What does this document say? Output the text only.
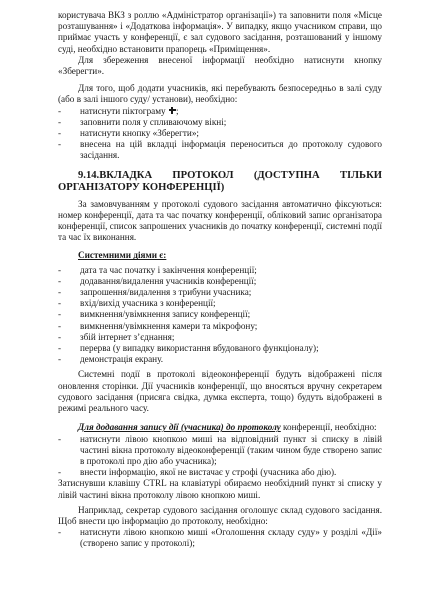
користувача ВКЗ з роллю «Адміністратор організації») та заповнити поля «Місце розташування» і «Додаткова інформація». У випадку, якщо учасником справи, що приймає участь у конференції, є зал судового засідання, розташований у іншому суді, необхідно встановити прапорець «Приміщення».

Для збереження внесеної інформації необхідно натиснути кнопку «Зберегти».

Для того, щоб додати учасників, які перебувають безпосередньо в залі суду (або в залі іншого суду/ установи), необхідно:

- натиснути піктограму ;
- заповнити поля у спливаючому вікні;
- натиснути кнопку «Зберегти»;
- внесена на цій вкладці інформація переноситься до протоколу судового засідання.
9.14.ВКЛАДКА ПРОТОКОЛ (ДОСТУПНА ТІЛЬКИ ОРГАНІЗАТОРУ КОНФЕРЕНЦІЇ)

За замовчуванням у протоколі судового засідання автоматично фіксуються: номер конференції, дата та час початку конференції, обліковий запис організатора конференції, список запрошених учасників до початку конференції, системні події та час їх виконання.

Системними діями є:

- дата та час початку і закінчення конференції;
- додавання/видалення учасників конференції;
- запрошення/видалення з трибуни учасника;
- вхід/вихід учасника з конференції;
- вимкнення/увімкнення запису конференції;
- вимкнення/увімкнення камери та мікрофону;
- збій інтернет з’єднання;
- перерва (у випадку використання вбудованого функціоналу);
- демонстрація екрану.

Системні події в протоколі відеоконференції будуть відображені після оновлення сторінки. Дії учасників конференції, що вносяться вручну секретарем судового засідання (присяга свідка, думка експерта, тощо) будуть відображені в режимі реального часу.

Для додавання запису дії (учасника) до протоколу конференції, необхідно:

- натиснути лівою кнопкою миші на відповідний пункт зі списку в лівій частині вікна протоколу відеоконференції (таким чином буде створено запис в протоколі про дію або учасника);
- внести інформацію, якої не вистачає у строфі (учасника або дію).

Затиснувши клавішу CTRL на клавіатурі обираємо необхідний пункт зі списку у лівій частині вікна протоколу лівою кнопкою миші.

Наприклад, секретар судового засідання оголошує склад судового засідання. Щоб внести цю інформацію до протоколу, необхідно:

- натиснути лівою кнопкою миші «Оголошення складу суду» у розділі «Дії» (створено запис у протоколі);
